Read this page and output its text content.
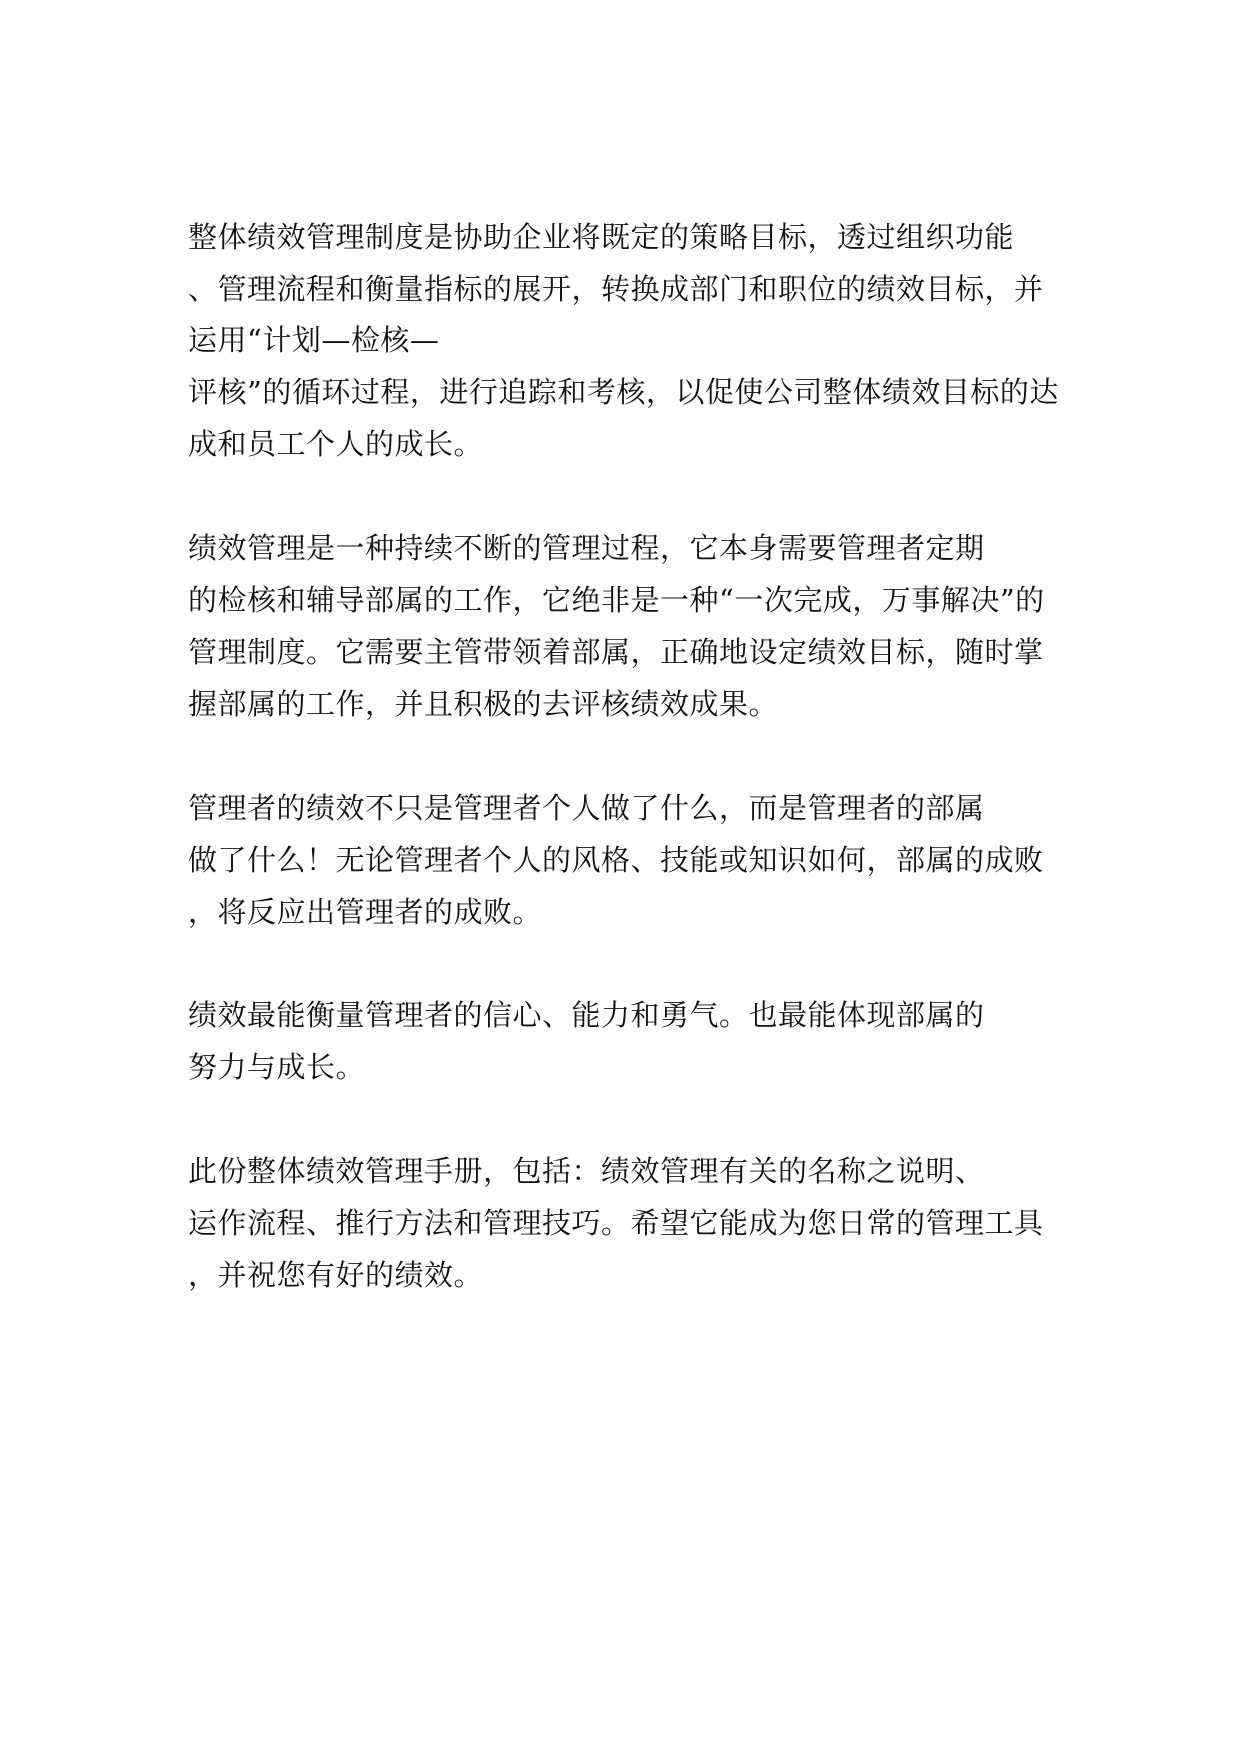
整体绩效管理制度是协助企业将既定的策略目标，透过组织功能
、管理流程和衡量指标的展开，转换成部门和职位的绩效目标，并
运用“计划—检核—
评核”的循环过程，进行追踪和考核，以促使公司整体绩效目标的达
成和员工个人的成长。
绩效管理是一种持续不断的管理过程，它本身需要管理者定期
的检核和辅导部属的工作，它绝非是一种“一次完成，万事解决”的
管理制度。它需要主管带领着部属，正确地设定绩效目标，随时掌
握部属的工作，并且积极的去评核绩效成果。
管理者的绩效不只是管理者个人做了什么，而是管理者的部属
做了什么！无论管理者个人的风格、技能或知识如何，部属的成败
，将反应出管理者的成败。
绩效最能衡量管理者的信心、能力和勇气。也最能体现部属的
努力与成长。
此份整体绩效管理手册，包括：绩效管理有关的名称之说明、
运作流程、推行方法和管理技巧。希望它能成为您日常的管理工具
，并祝您有好的绩效。
